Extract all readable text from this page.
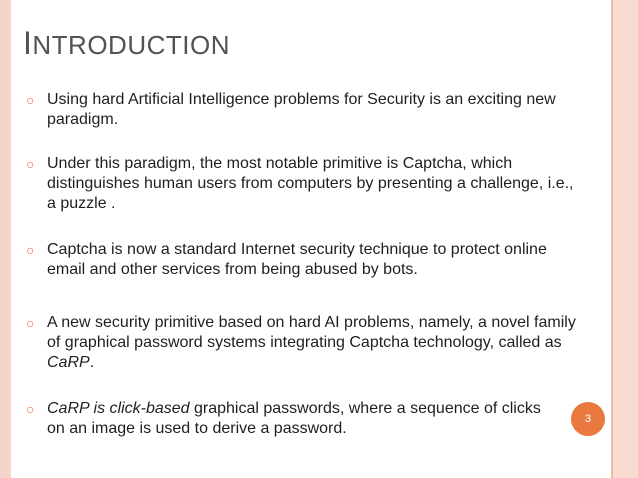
INTRODUCTION
○ Using hard Artificial Intelligence problems for Security is an exciting new paradigm.
○ Under this paradigm, the most notable primitive is Captcha, which distinguishes human users from computers by presenting a challenge, i.e., a puzzle .
○ Captcha is now a standard Internet security technique to protect online email and other services from being abused by bots.
○ A new security primitive based on hard AI problems, namely, a novel family of graphical password systems integrating Captcha technology, called as CaRP.
○ CaRP is click-based graphical passwords, where a sequence of clicks on an image is used to derive a password.
3
